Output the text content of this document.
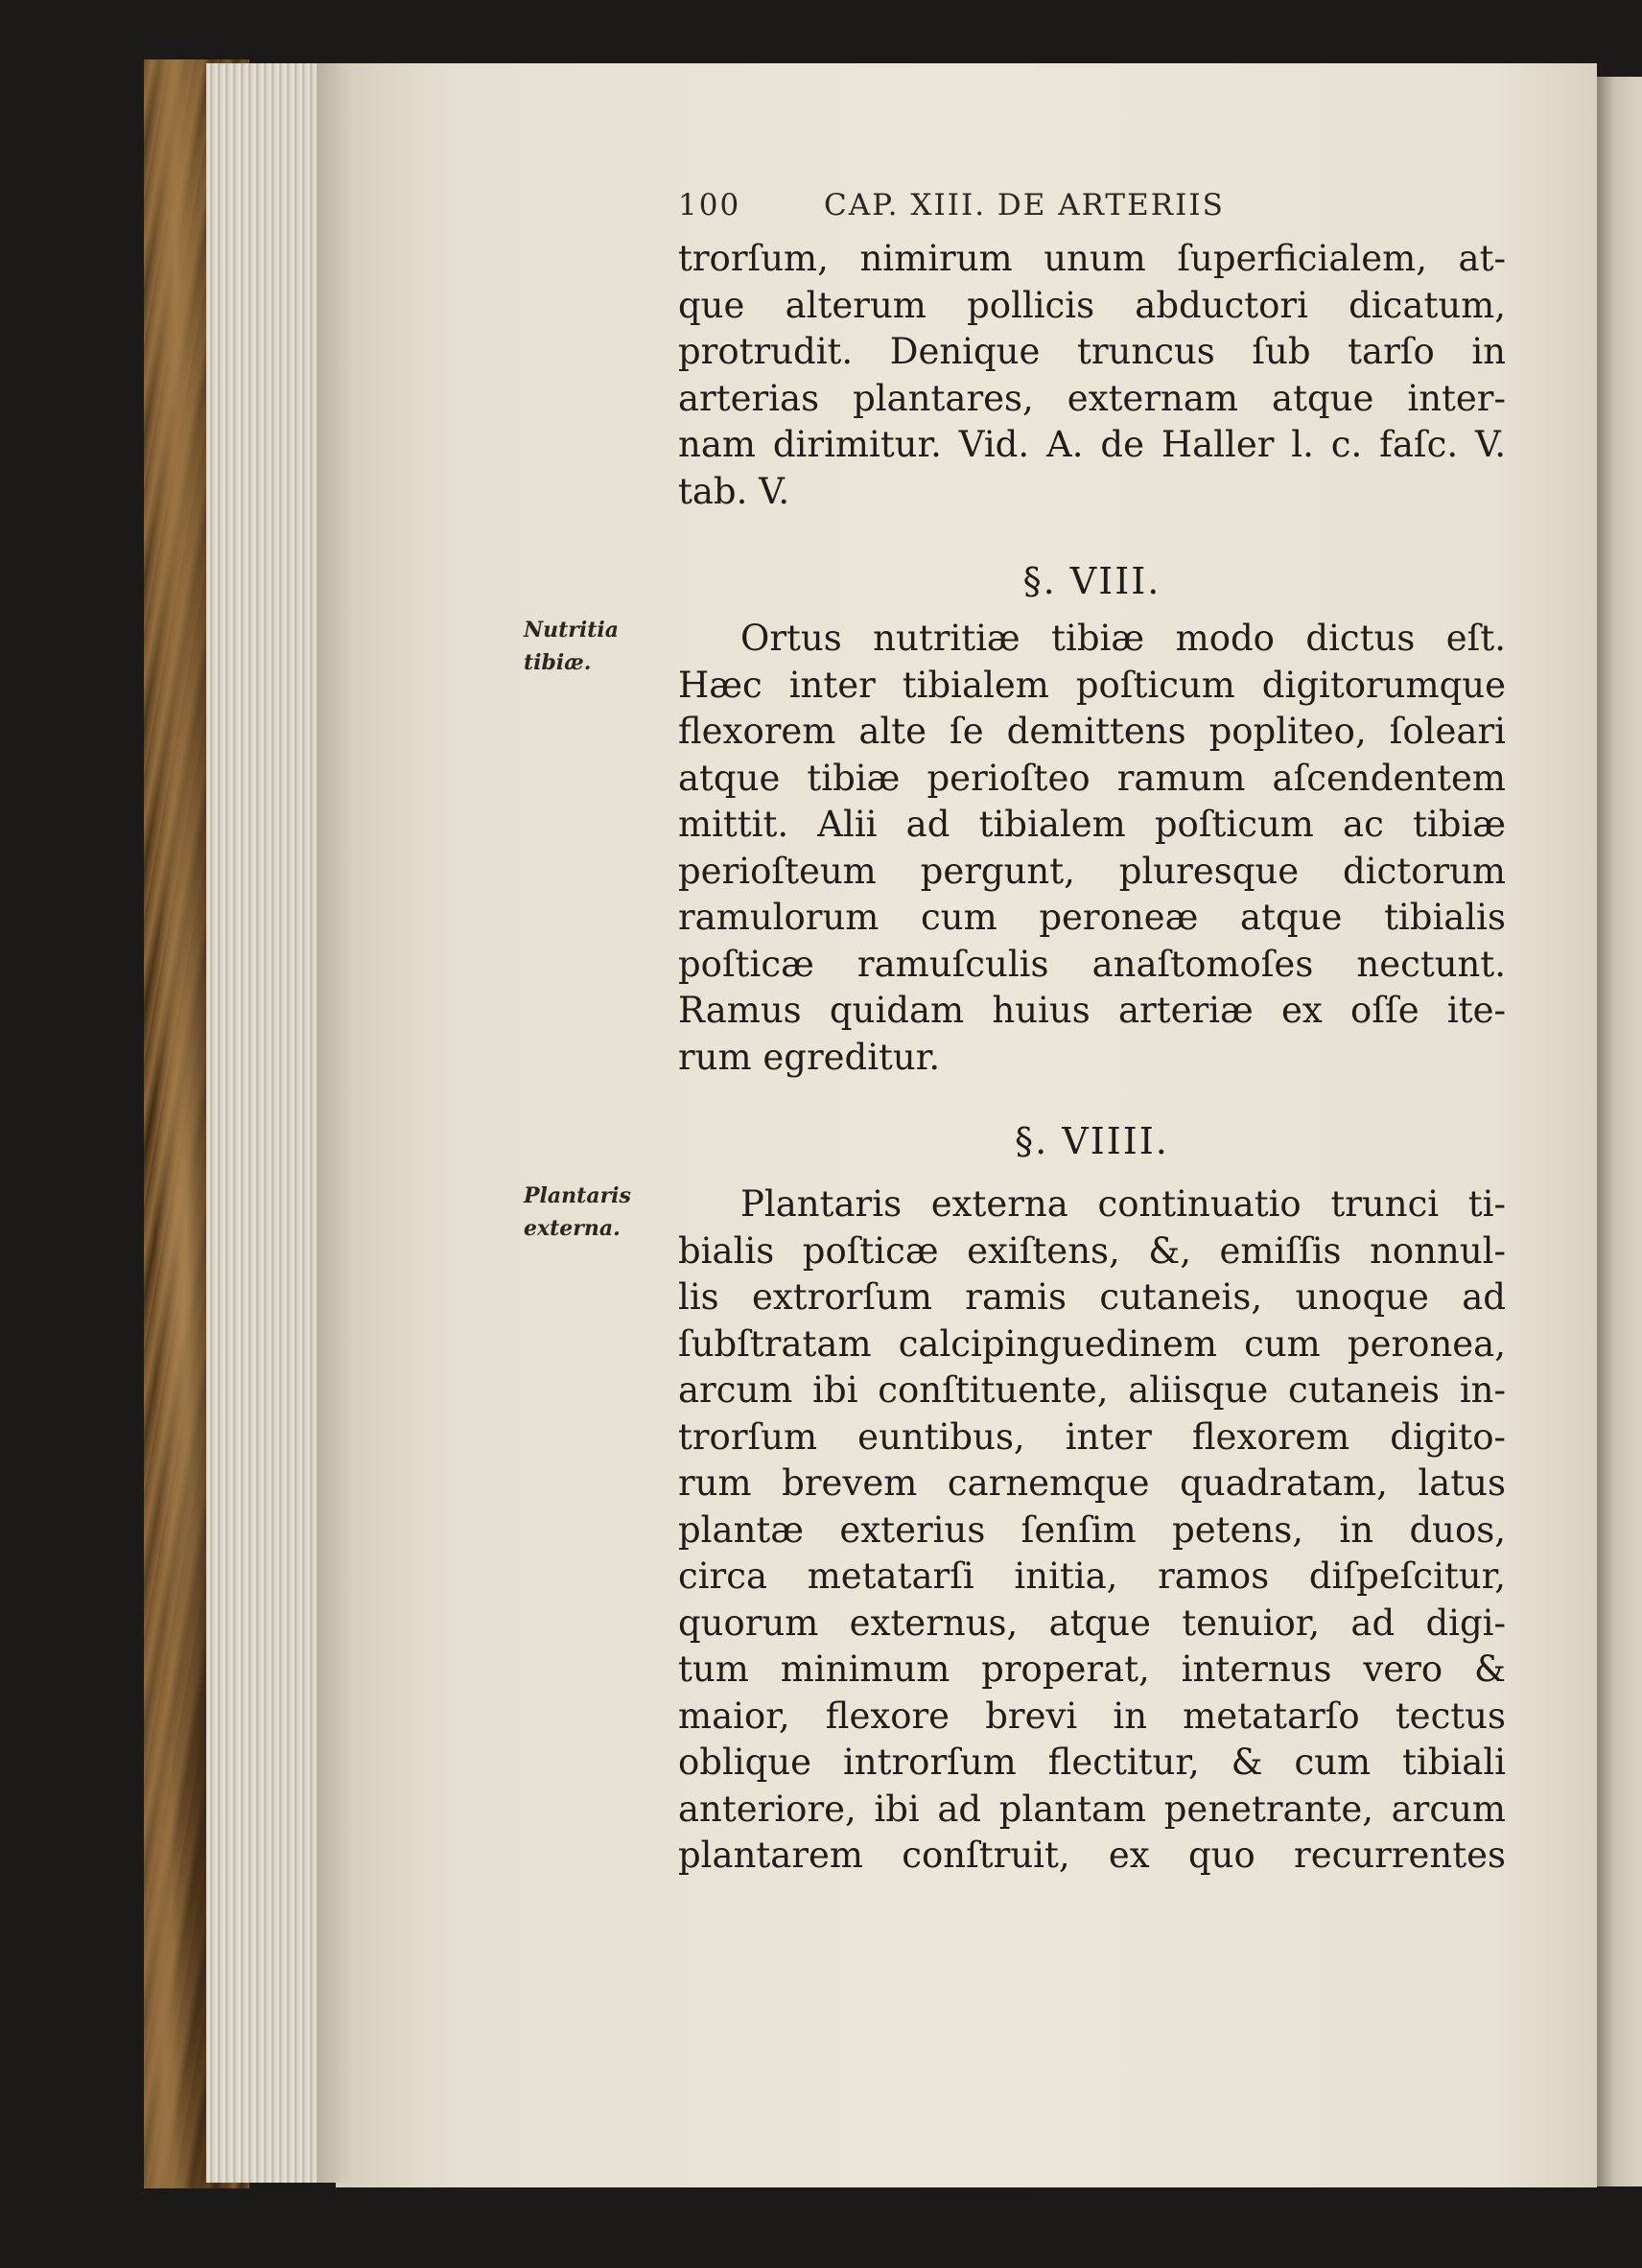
100	CAP. XIII. DE ARTERIIS
trorſum, nimirum unum ſuperficialem, at-
que alterum pollicis abductori dicatum,
protrudit. Denique truncus ſub tarſo in
arterias plantares, externam atque inter-
nam dirimitur. Vid. A. de Haller l. c. faſc. V.
tab. V.
§. VIII.
Nutritia
tibiæ.
Ortus nutritiæ tibiæ modo dictus eſt.
Hæc inter tibialem poſticum digitorumque
flexorem alte ſe demittens popliteo, ſoleari
atque tibiæ perioſteo ramum aſcendentem
mittit. Alii ad tibialem poſticum ac tibiæ
perioſteum pergunt, pluresque dictorum
ramulorum cum peroneæ atque tibialis
poſticæ ramuſculis anaſtomoſes nectunt.
Ramus quidam huius arteriæ ex oſſe ite-
rum egreditur.
§. VIIII.
Plantaris
externa.
Plantaris externa continuatio trunci ti-
bialis poſticæ exiſtens, &, emiſſis nonnul-
lis extrorſum ramis cutaneis, unoque ad
ſubſtratam calcipinguedinem cum peronea,
arcum ibi conſtituente, aliisque cutaneis in-
trorſum euntibus, inter flexorem digito-
rum brevem carnemque quadratam, latus
plantæ exterius ſenſim petens, in duos,
circa metatarſi initia, ramos diſpeſcitur,
quorum externus, atque tenuior, ad digi-
tum minimum properat, internus vero &
maior, flexore brevi in metatarſo tectus
oblique introrſum flectitur, & cum tibiali
anteriore, ibi ad plantam penetrante, arcum
plantarem conſtruit, ex quo recurrentes
